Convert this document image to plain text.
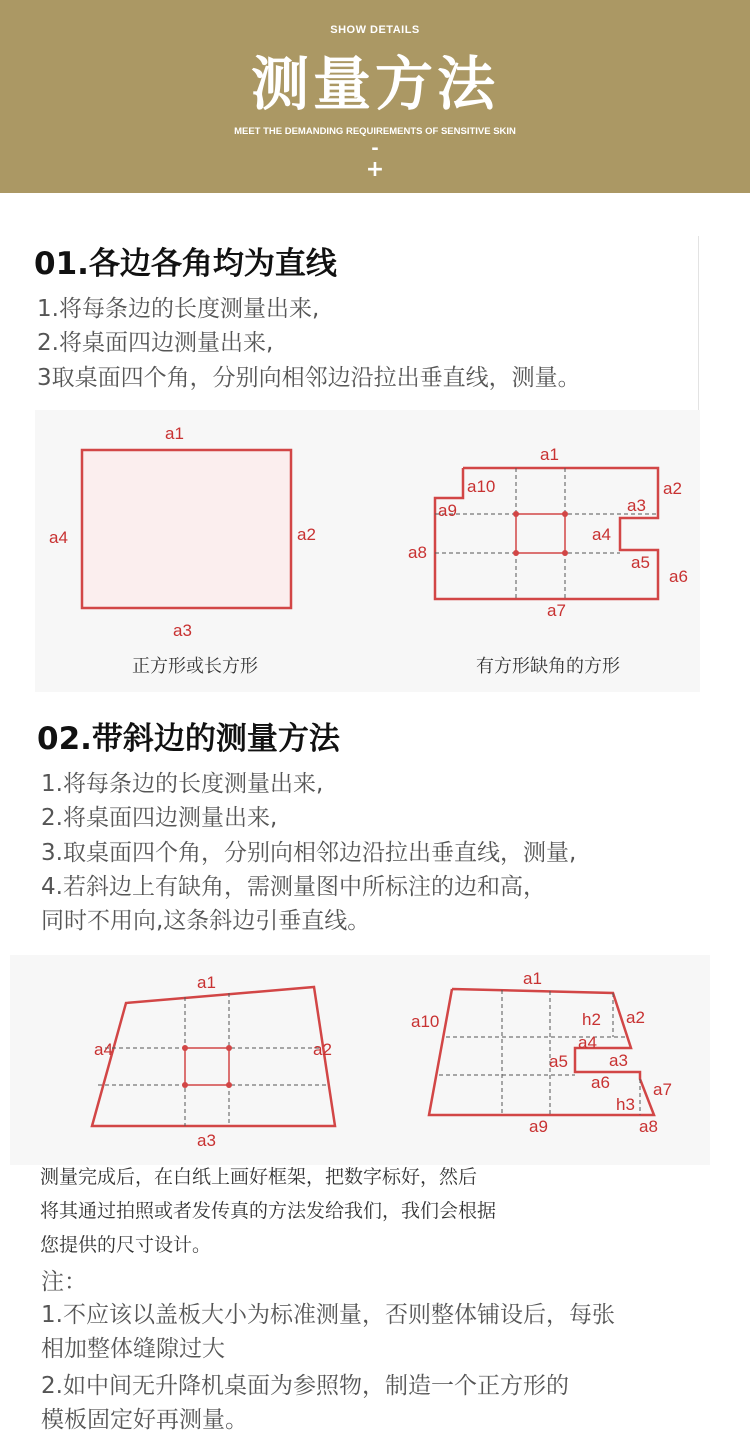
SHOW DETAILS
测量方法
MEET THE DEMANDING REQUIREMENTS OF SENSITIVE SKIN
-
+
01.各边各角均为直线
1.将每条边的长度测量出来,
2.将桌面四边测量出来,
3取桌面四个角，分别向相邻边沿拉出垂直线，测量。
a1
a2
a3
a4
a1
a2
a3
a4
a5
a6
a7
a8
a9
a10
正方形或长方形	有方形缺角的方形
02.带斜边的测量方法
1.将每条边的长度测量出来,
2.将桌面四边测量出来,
3.取桌面四个角，分别向相邻边沿拉出垂直线，测量,
4.若斜边上有缺角，需测量图中所标注的边和高，
同时不用向,这条斜边引垂直线。
a1
a2
a3
a4
a1
a2
a3
a4
a5
a6	a7
a8
a9
a10	h2
h3
测量完成后，在白纸上画好框架，把数字标好，然后
将其通过拍照或者发传真的方法发给我们，我们会根据
您提供的尺寸设计。
注：
1.不应该以盖板大小为标准测量，否则整体铺设后，每张
相加整体缝隙过大
2.如中间无升降机桌面为参照物，制造一个正方形的
模板固定好再测量。
